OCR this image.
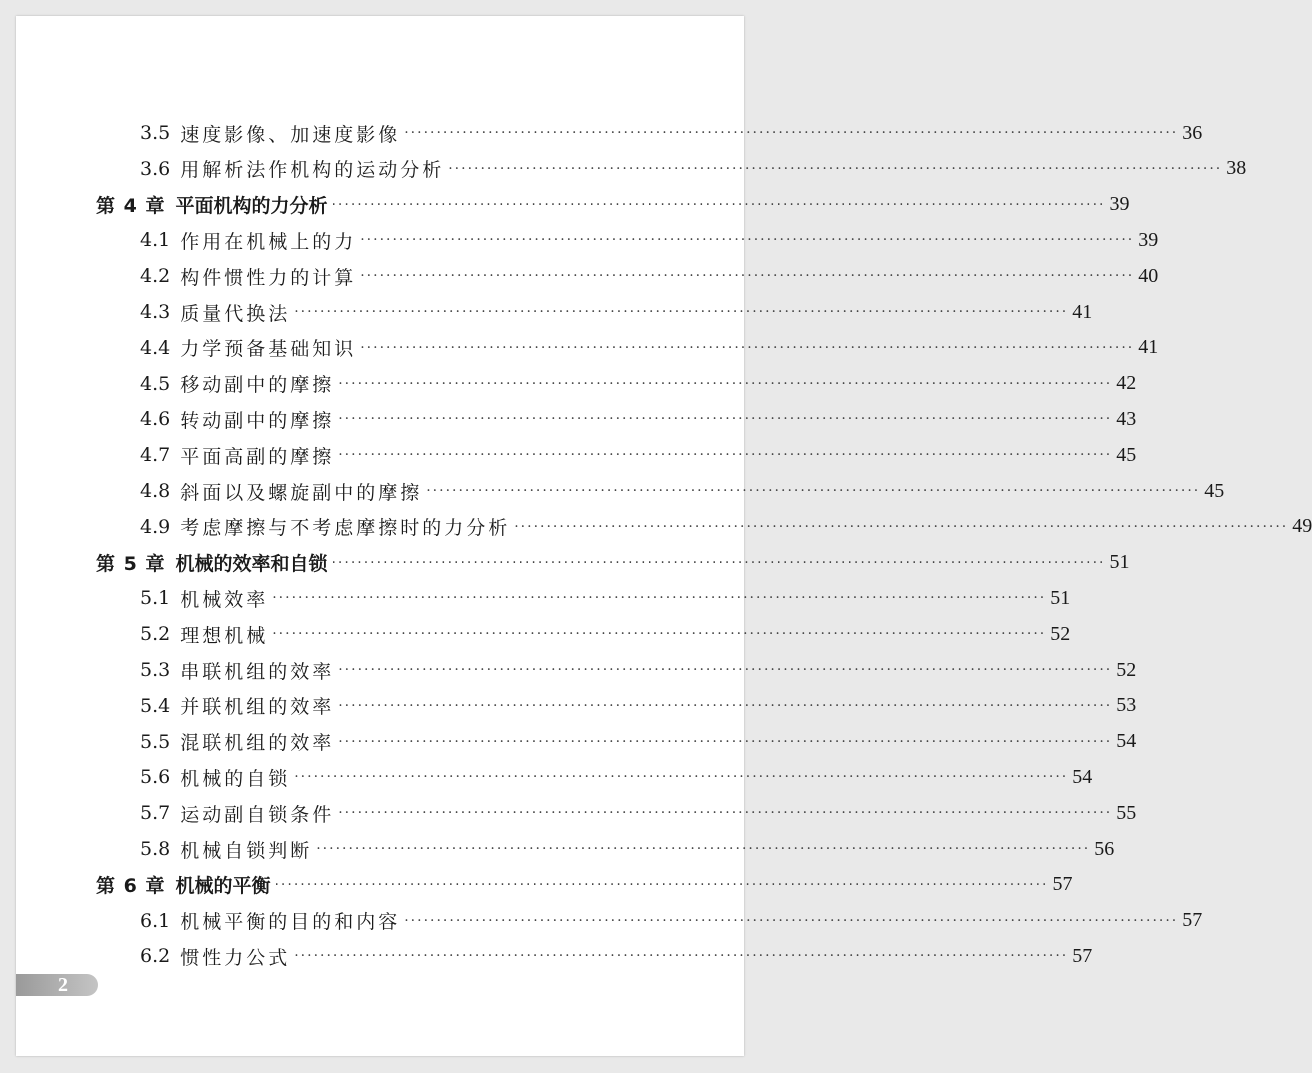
3.5 速度影像、加速度影像 ························································································································ 36
3.6 用解析法作机构的运动分析 ························································································································ 38
第 4 章 平面机构的力分析 ························································································································ 39
4.1 作用在机械上的力 ························································································································ 39
4.2 构件惯性力的计算 ························································································································ 40
4.3 质量代换法 ························································································································ 41
4.4 力学预备基础知识 ························································································································ 41
4.5 移动副中的摩擦 ························································································································ 42
4.6 转动副中的摩擦 ························································································································ 43
4.7 平面高副的摩擦 ························································································································ 45
4.8 斜面以及螺旋副中的摩擦 ························································································································ 45
4.9 考虑摩擦与不考虑摩擦时的力分析 ························································································································ 49
第 5 章 机械的效率和自锁 ························································································································ 51
5.1 机械效率 ························································································································ 51
5.2 理想机械 ························································································································ 52
5.3 串联机组的效率 ························································································································ 52
5.4 并联机组的效率 ························································································································ 53
5.5 混联机组的效率 ························································································································ 54
5.6 机械的自锁 ························································································································ 54
5.7 运动副自锁条件 ························································································································ 55
5.8 机械自锁判断 ························································································································ 56
第 6 章 机械的平衡 ························································································································ 57
6.1 机械平衡的目的和内容 ························································································································ 57
6.2 惯性力公式 ························································································································ 57
2
